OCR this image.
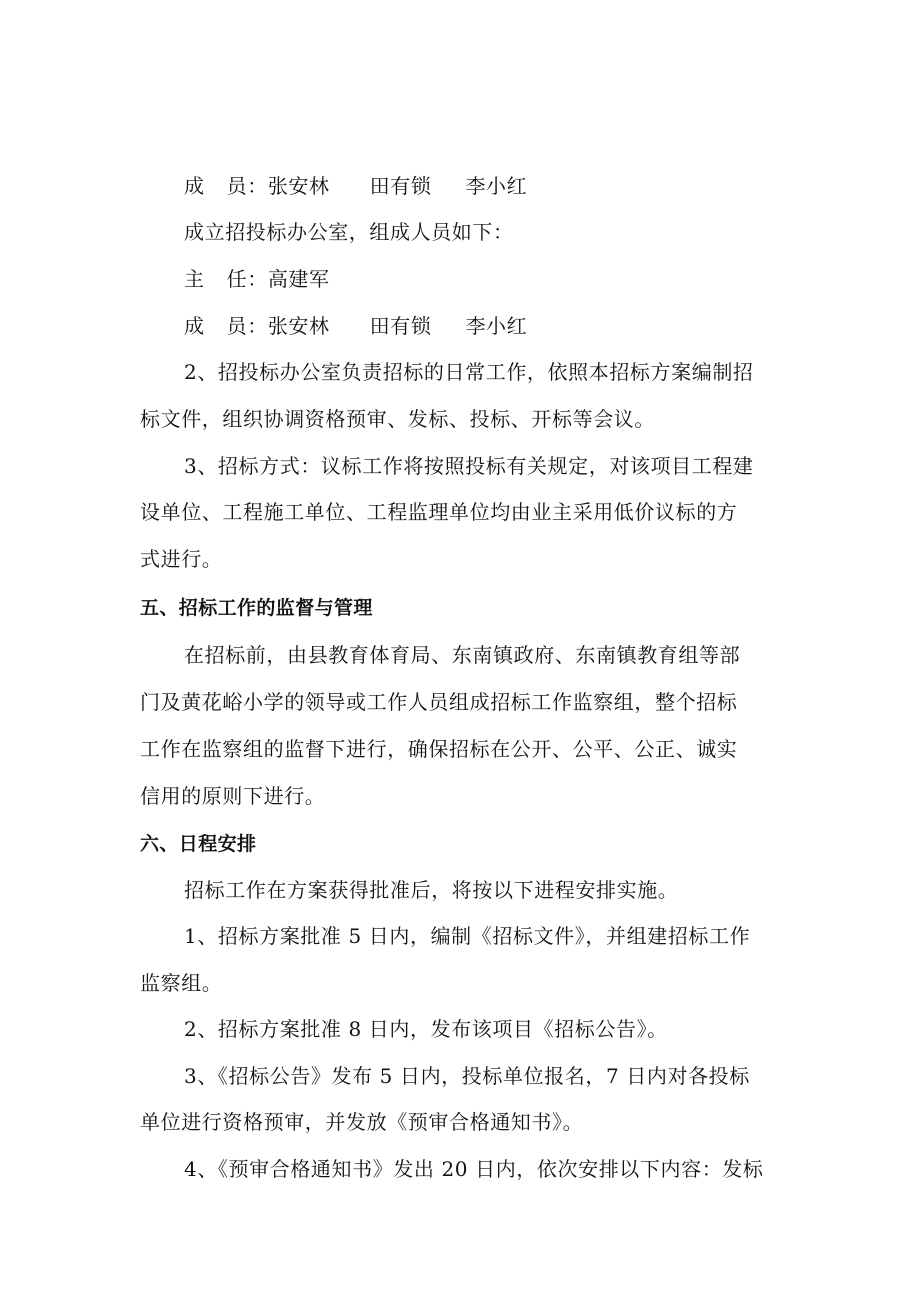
成 员：张安林 田有锁 李小红
成立招投标办公室，组成人员如下：
主 任：高建军
成 员：张安林 田有锁 李小红
2、招投标办公室负责招标的日常工作，依照本招标方案编制招
标文件，组织协调资格预审、发标、投标、开标等会议。
3、招标方式：议标工作将按照投标有关规定，对该项目工程建
设单位、工程施工单位、工程监理单位均由业主采用低价议标的方
式进行。
五、招标工作的监督与管理
在招标前，由县教育体育局、东南镇政府、东南镇教育组等部
门及黄花峪小学的领导或工作人员组成招标工作监察组，整个招标
工作在监察组的监督下进行，确保招标在公开、公平、公正、诚实
信用的原则下进行。
六、日程安排
招标工作在方案获得批准后，将按以下进程安排实施。
1、招标方案批准 5 日内，编制《招标文件》，并组建招标工作
监察组。
2、招标方案批准 8 日内，发布该项目《招标公告》。
3、《招标公告》发布 5 日内，投标单位报名，7 日内对各投标
单位进行资格预审，并发放《预审合格通知书》。
4、《预审合格通知书》发出 20 日内，依次安排以下内容：发标
